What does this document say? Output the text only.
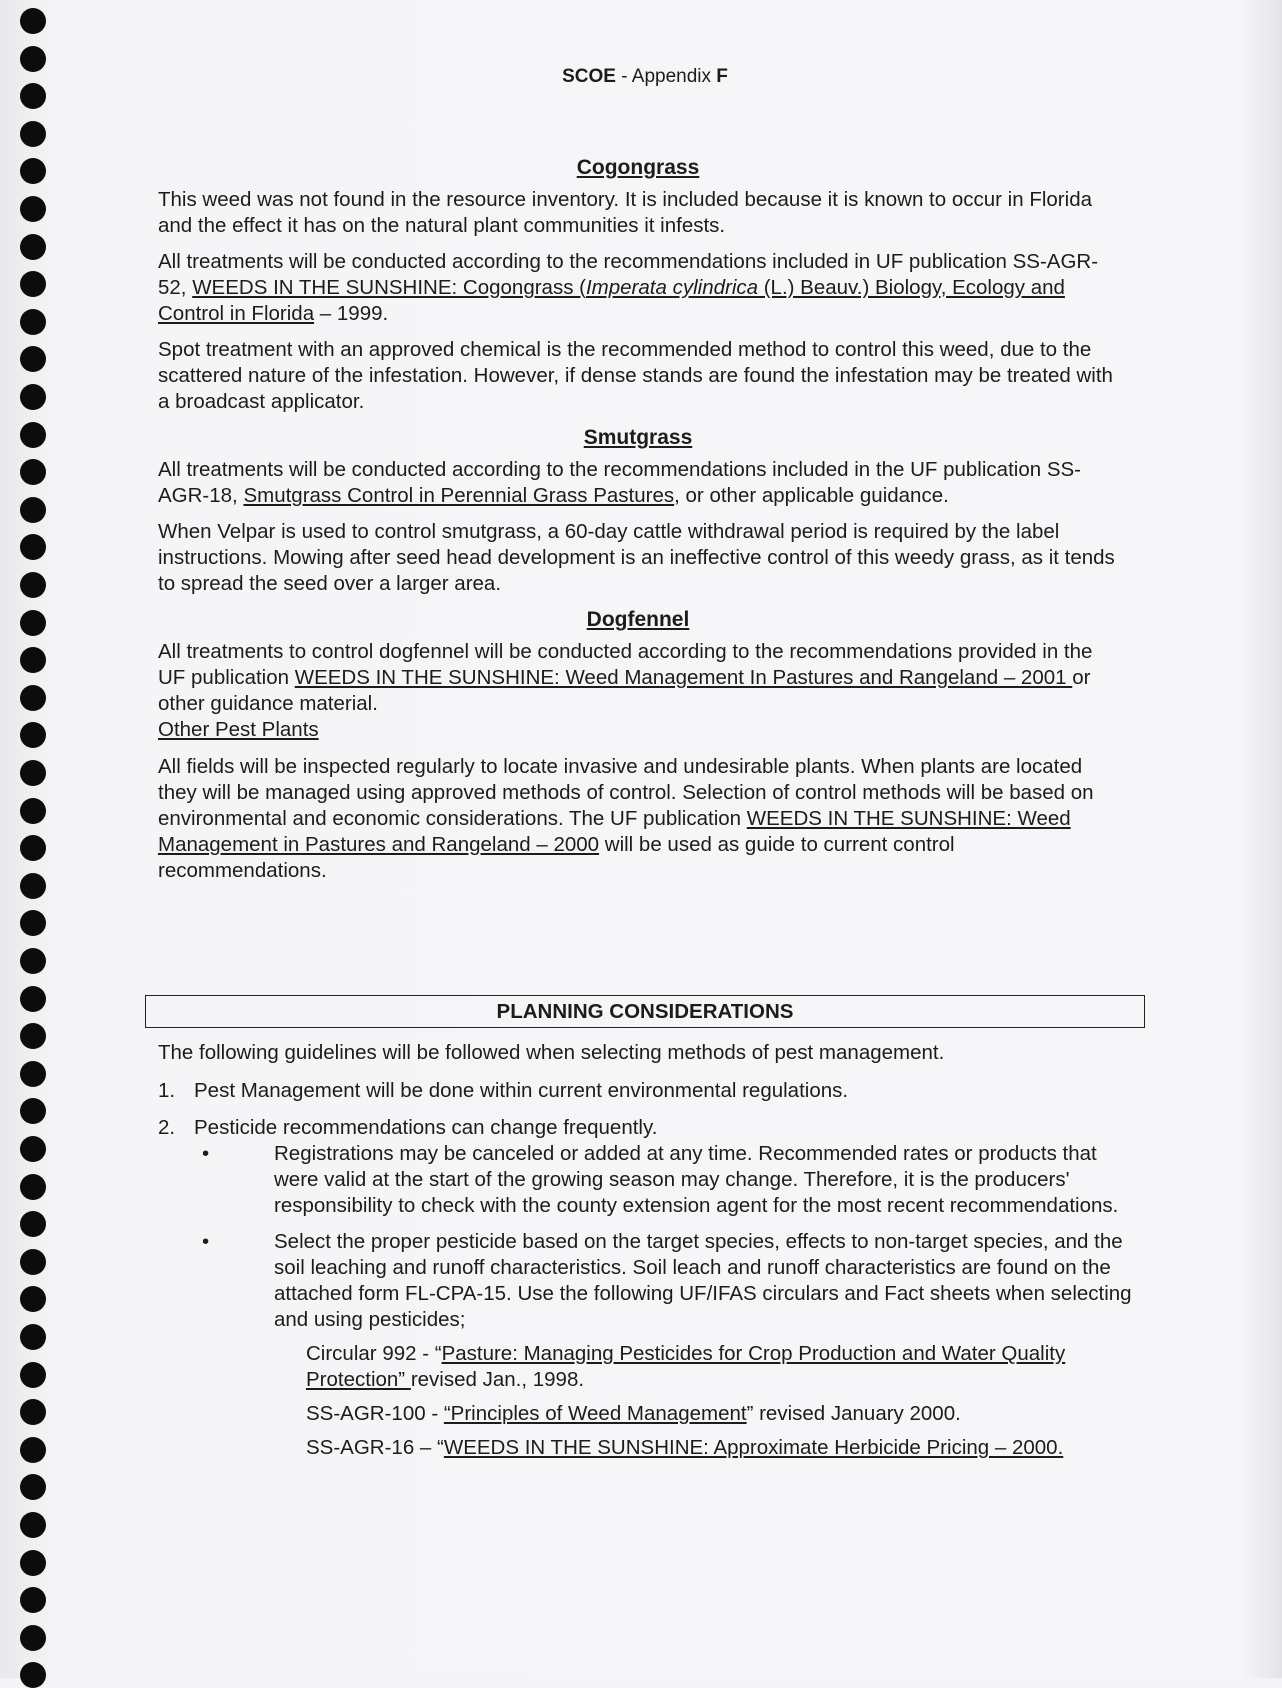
SCOE - Appendix F
Cogongrass

This weed was not found in the resource inventory. It is included because it is known to occur in Florida and the effect it has on the natural plant communities it infests.

All treatments will be conducted according to the recommendations included in UF publication SS-AGR-52, WEEDS IN THE SUNSHINE: Cogongrass (Imperata cylindrica (L.) Beauv.) Biology, Ecology and Control in Florida – 1999.

Spot treatment with an approved chemical is the recommended method to control this weed, due to the scattered nature of the infestation. However, if dense stands are found the infestation may be treated with a broadcast applicator.

Smutgrass

All treatments will be conducted according to the recommendations included in the UF publication SS-AGR-18, Smutgrass Control in Perennial Grass Pastures, or other applicable guidance.

When Velpar is used to control smutgrass, a 60-day cattle withdrawal period is required by the label instructions. Mowing after seed head development is an ineffective control of this weedy grass, as it tends to spread the seed over a larger area.

Dogfennel

All treatments to control dogfennel will be conducted according to the recommendations provided in the UF publication WEEDS IN THE SUNSHINE: Weed Management In Pastures and Rangeland – 2001 or other guidance material.

Other Pest Plants

All fields will be inspected regularly to locate invasive and undesirable plants. When plants are located they will be managed using approved methods of control. Selection of control methods will be based on environmental and economic considerations. The UF publication WEEDS IN THE SUNSHINE: Weed Management in Pastures and Rangeland – 2000 will be used as guide to current control recommendations.

PLANNING CONSIDERATIONS

The following guidelines will be followed when selecting methods of pest management.

1. Pest Management will be done within current environmental regulations.
2. Pesticide recommendations can change frequently.
•	Registrations may be canceled or added at any time. Recommended rates or products that were valid at the start of the growing season may change. Therefore, it is the producers' responsibility to check with the county extension agent for the most recent recommendations.
•	Select the proper pesticide based on the target species, effects to non-target species, and the soil leaching and runoff characteristics. Soil leach and runoff characteristics are found on the attached form FL-CPA-15. Use the following UF/IFAS circulars and Fact sheets when selecting and using pesticides;
Circular 992 - “Pasture: Managing Pesticides for Crop Production and Water Quality Protection” revised Jan., 1998.
SS-AGR-100 - “Principles of Weed Management” revised January 2000.
SS-AGR-16 – “WEEDS IN THE SUNSHINE: Approximate Herbicide Pricing – 2000.
